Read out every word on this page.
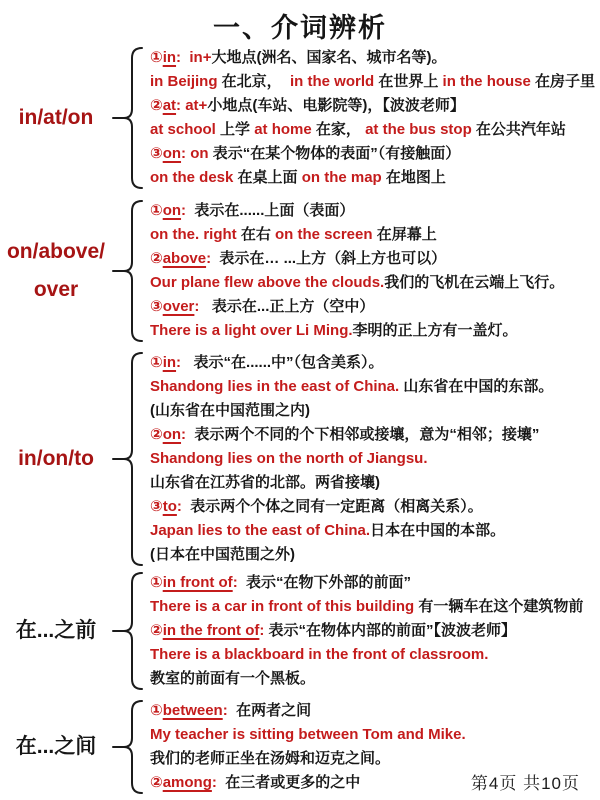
一、介词辨析
in/at/on
①in:  in+大地点(洲名、国家名、城市名等)。
in Beijing 在北京，  in the world 在世界上 in the house 在房子里
②at: at+小地点(车站、电影院等)，【波波老师】
at school 上学 at home 在家， at the bus stop 在公共汽年站
③on: on 表示“在某个物体的表面”（有接触面）
on the desk 在桌上面 on the map 在地图上
on/above/
over
①on:  表示在......上面（表面）
on the. right 在右 on the screen 在屏幕上
②above:  表示在… ...上方（斜上方也可以）
Our plane flew above the clouds.我们的飞机在云端上飞行。
③over:   表示在...正上方（空中）
There is a light over Li Ming.李明的正上方有一盖灯。
in/on/to
①in:   表示“在......中”（包含美系）。
Shandong lies in the east of China. 山东省在中国的东部。
(山东省在中国范围之内)
②on:  表示两个不同的个下相邻或接壤，意为“相邻；接壤”
Shandong lies on the north of Jiangsu.
山东省在江苏省的北部。两省接壤)
③to:  表示两个个体之同有一定距离（相离关系）。
Japan lies to the east of China.日本在中国的本部。
(日本在中国范围之外)
在...之前
①in front of:  表示“在物下外部的前面”
There is a car in front of this building 有一辆车在这个建筑物前
②in the front of: 表示“在物体内部的前面”【波波老师】
There is a blackboard in the front of classroom.
教室的前面有一个黑板。
在...之间
①between:  在两者之间
My teacher is sitting between Tom and Mike.
我们的老师正坐在汤姆和迈克之间。
②among:  在三者或更多的之中	第4页 共10页
